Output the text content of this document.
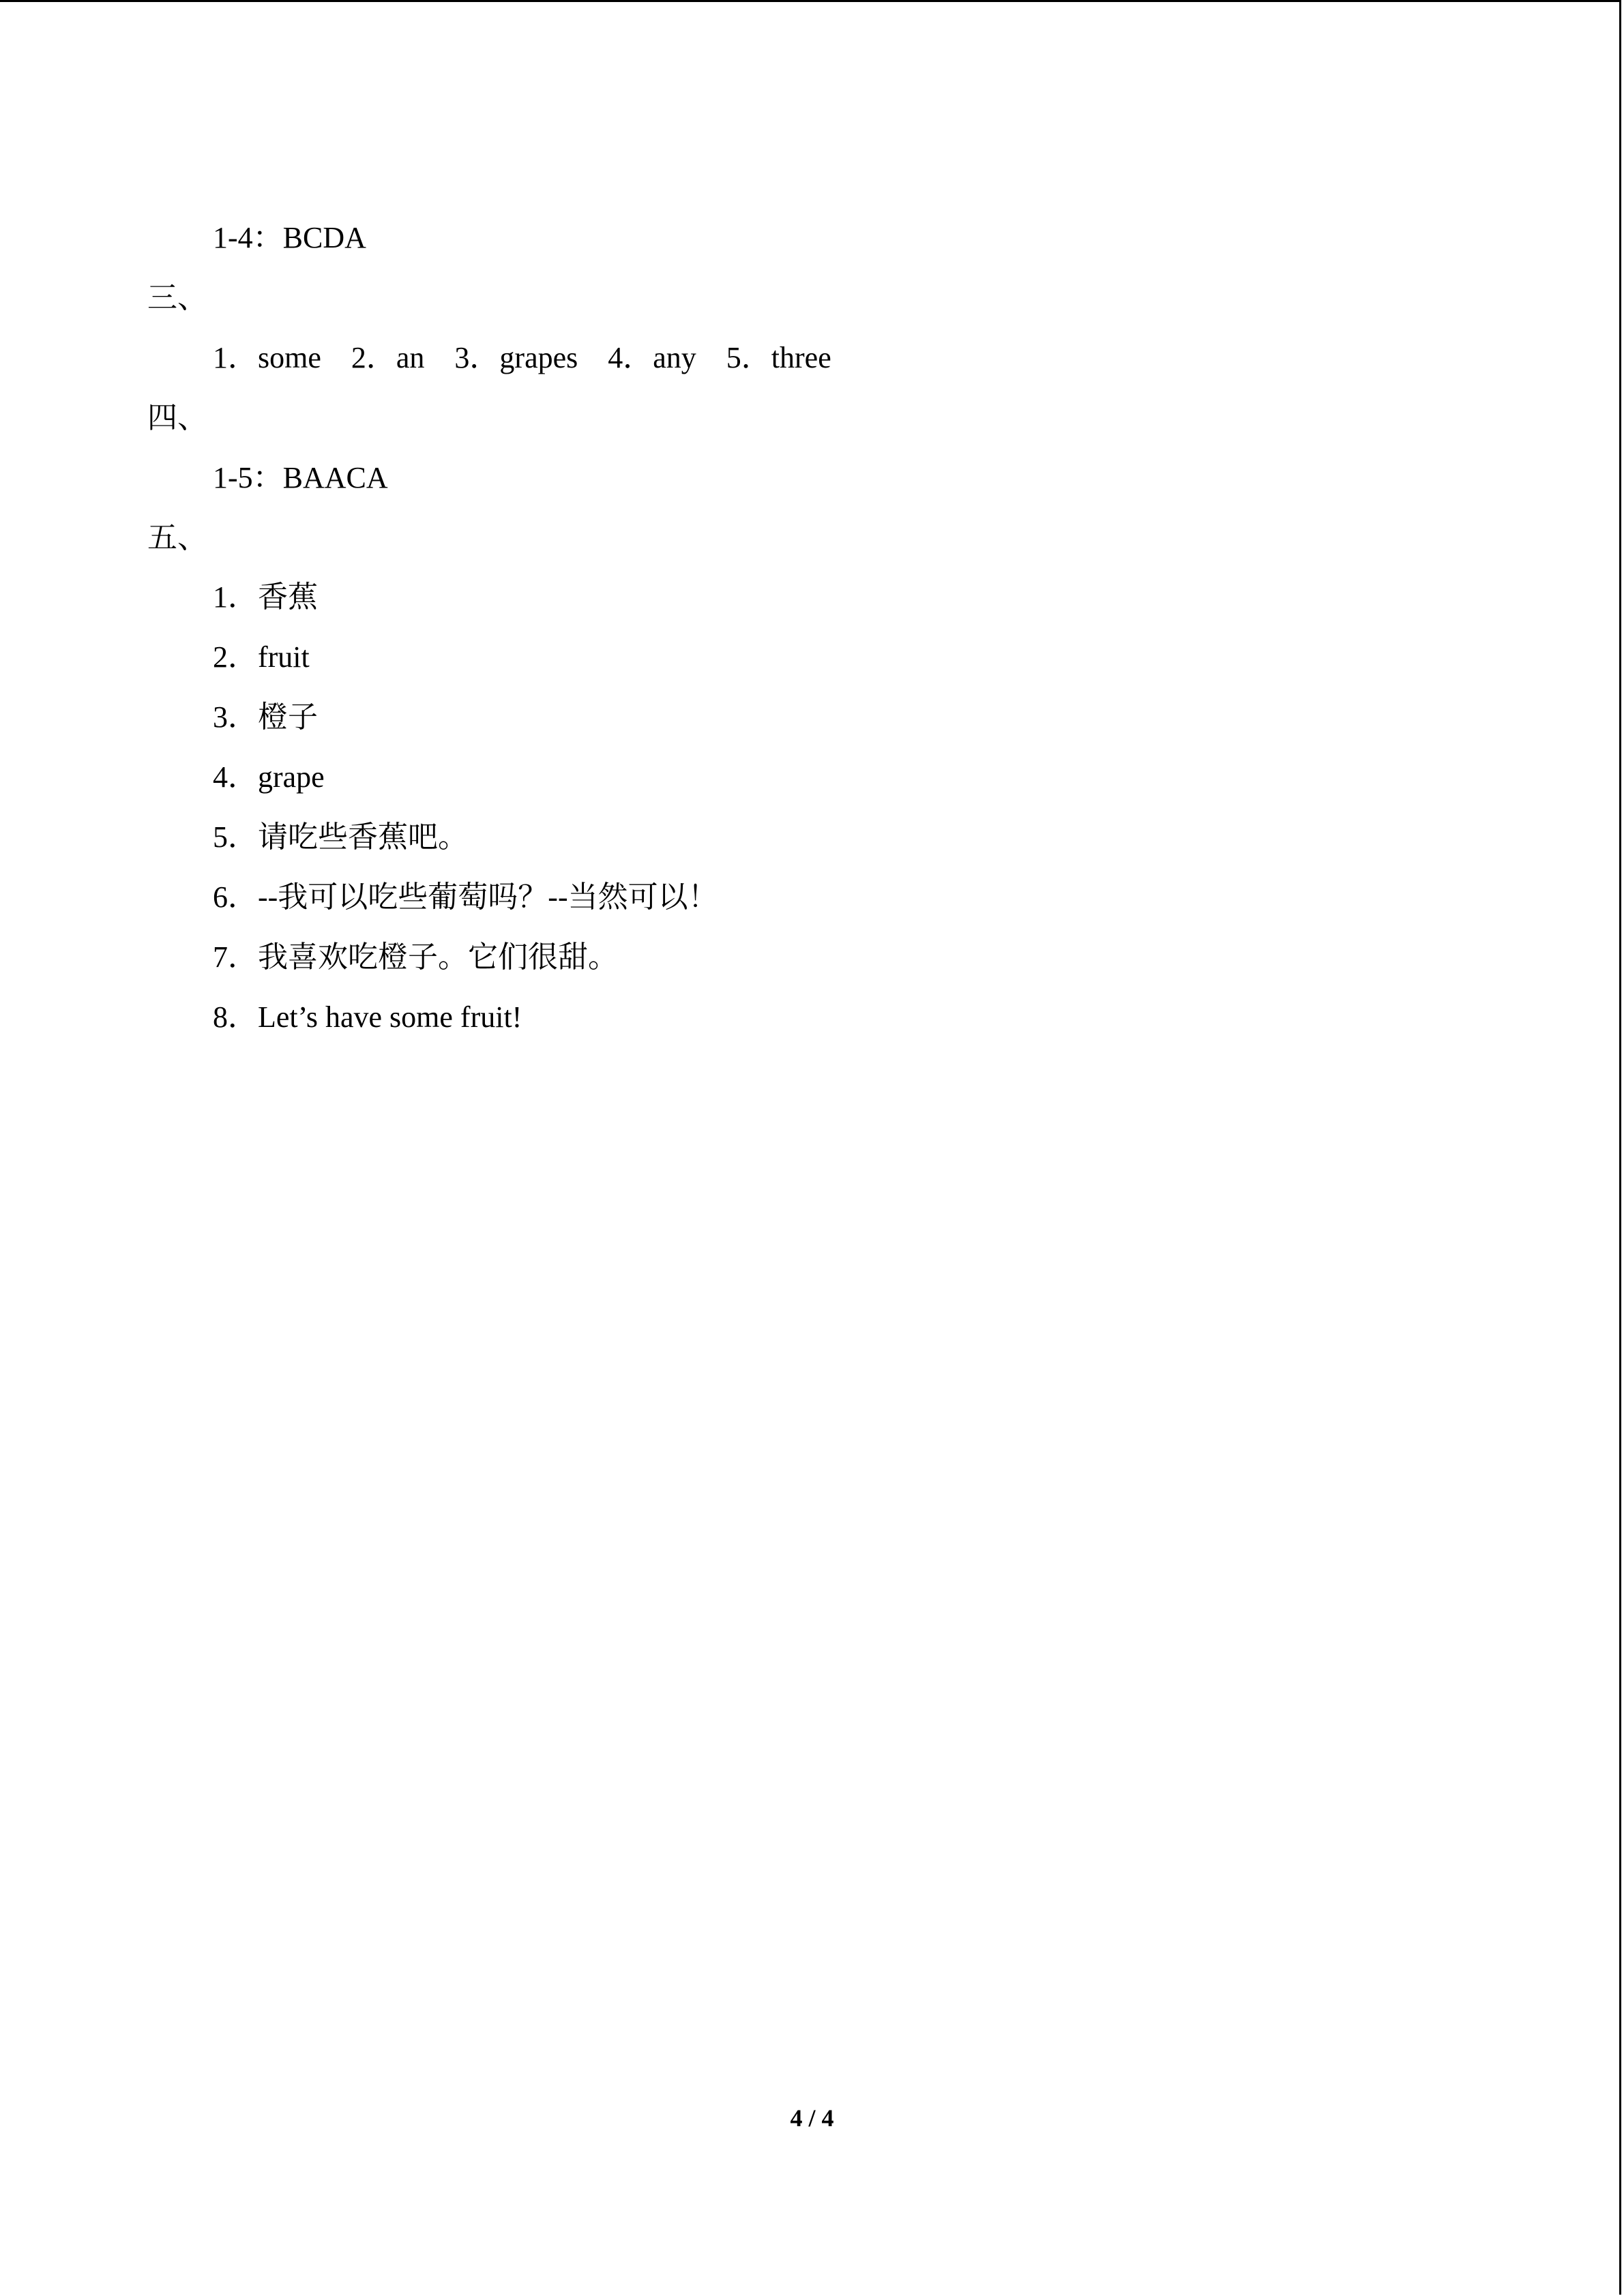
1-4：BCDA
三、
1．some 2．an 3．grapes 4．any 5．three
四、
1-5：BAACA
五、
1．香蕉
2．fruit
3．橙子
4．grape
5．请吃些香蕉吧。
6．--我可以吃些葡萄吗？--当然可以！
7．我喜欢吃橙子。它们很甜。
8．Let’s have some fruit!
4 / 4
